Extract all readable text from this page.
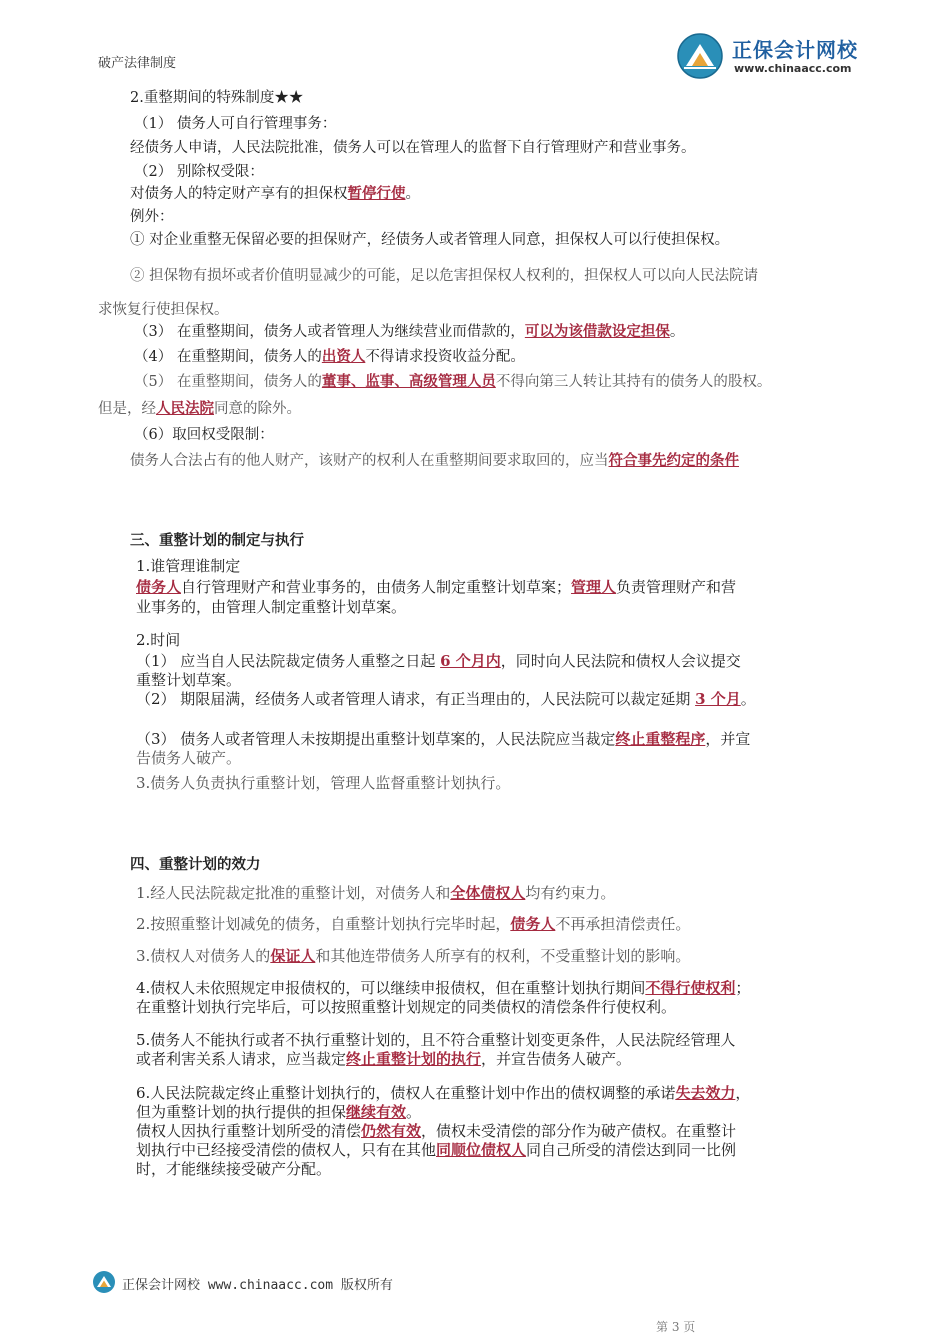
破产法律制度
正保会计网校
www.chinaacc.com
2.重整期间的特殊制度★★
（1） 债务人可自行管理事务：
经债务人申请，人民法院批准，债务人可以在管理人的监督下自行管理财产和营业事务。
（2） 别除权受限：
对债务人的特定财产享有的担保权暂停行使。
例外：
① 对企业重整无保留必要的担保财产，经债务人或者管理人同意，担保权人可以行使担保权。
② 担保物有损坏或者价值明显减少的可能，足以危害担保权人权利的，担保权人可以向人民法院请
求恢复行使担保权。
（3） 在重整期间，债务人或者管理人为继续营业而借款的，可以为该借款设定担保。
（4） 在重整期间，债务人的出资人不得请求投资收益分配。
（5） 在重整期间，债务人的董事、监事、高级管理人员不得向第三人转让其持有的债务人的股权。
但是，经人民法院同意的除外。
（6）取回权受限制：
债务人合法占有的他人财产，该财产的权利人在重整期间要求取回的，应当符合事先约定的条件
三、重整计划的制定与执行
1.谁管理谁制定
债务人自行管理财产和营业事务的，由债务人制定重整计划草案；管理人负责管理财产和营
业事务的，由管理人制定重整计划草案。
2.时间
（1） 应当自人民法院裁定债务人重整之日起 6 个月内，同时向人民法院和债权人会议提交
重整计划草案。
（2） 期限届满，经债务人或者管理人请求，有正当理由的，人民法院可以裁定延期 3 个月。
（3） 债务人或者管理人未按期提出重整计划草案的，人民法院应当裁定终止重整程序，并宣
告债务人破产。
3.债务人负责执行重整计划，管理人监督重整计划执行。
四、重整计划的效力
1.经人民法院裁定批准的重整计划，对债务人和全体债权人均有约束力。
2.按照重整计划减免的债务，自重整计划执行完毕时起，债务人不再承担清偿责任。
3.债权人对债务人的保证人和其他连带债务人所享有的权利，不受重整计划的影响。
4.债权人未依照规定申报债权的，可以继续申报债权，但在重整计划执行期间不得行使权利；
在重整计划执行完毕后，可以按照重整计划规定的同类债权的清偿条件行使权利。
5.债务人不能执行或者不执行重整计划的，且不符合重整计划变更条件，人民法院经管理人
或者利害关系人请求，应当裁定终止重整计划的执行，并宣告债务人破产。
6.人民法院裁定终止重整计划执行的，债权人在重整计划中作出的债权调整的承诺失去效力，
但为重整计划的执行提供的担保继续有效。
债权人因执行重整计划所受的清偿仍然有效，债权未受清偿的部分作为破产债权。在重整计
划执行中已经接受清偿的债权人，只有在其他同顺位债权人同自己所受的清偿达到同一比例
时，才能继续接受破产分配。
正保会计网校 www.chinaacc.com 版权所有
第 3 页
